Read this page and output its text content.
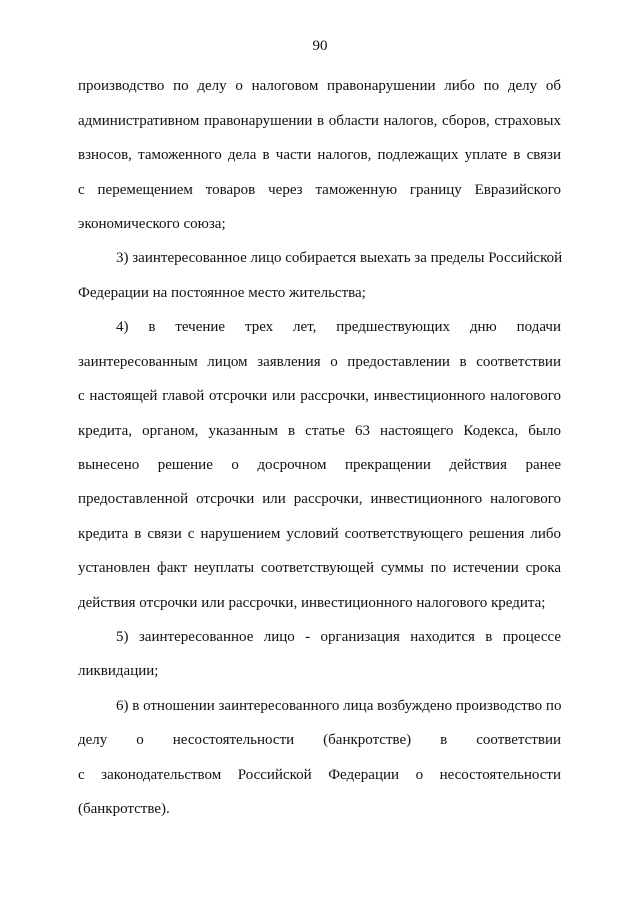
90
производство по делу о налоговом правонарушении либо по делу об
административном правонарушении в области налогов, сборов, страховых
взносов, таможенного дела в части налогов, подлежащих уплате в связи
с перемещением товаров через таможенную границу Евразийского
экономического союза;
3) заинтересованное лицо собирается выехать за пределы Российской
Федерации на постоянное место жительства;
4) в течение трех лет, предшествующих дню подачи
заинтересованным лицом заявления о предоставлении в соответствии
с настоящей главой отсрочки или рассрочки, инвестиционного налогового
кредита, органом, указанным в статье 63 настоящего Кодекса, было
вынесено решение о досрочном прекращении действия ранее
предоставленной отсрочки или рассрочки, инвестиционного налогового
кредита в связи с нарушением условий соответствующего решения либо
установлен факт неуплаты соответствующей суммы по истечении срока
действия отсрочки или рассрочки, инвестиционного налогового кредита;
5) заинтересованное лицо - организация находится в процессе
ликвидации;
6) в отношении заинтересованного лица возбуждено производство по
делу о несостоятельности (банкротстве) в соответствии
с законодательством Российской Федерации о несостоятельности
(банкротстве).
